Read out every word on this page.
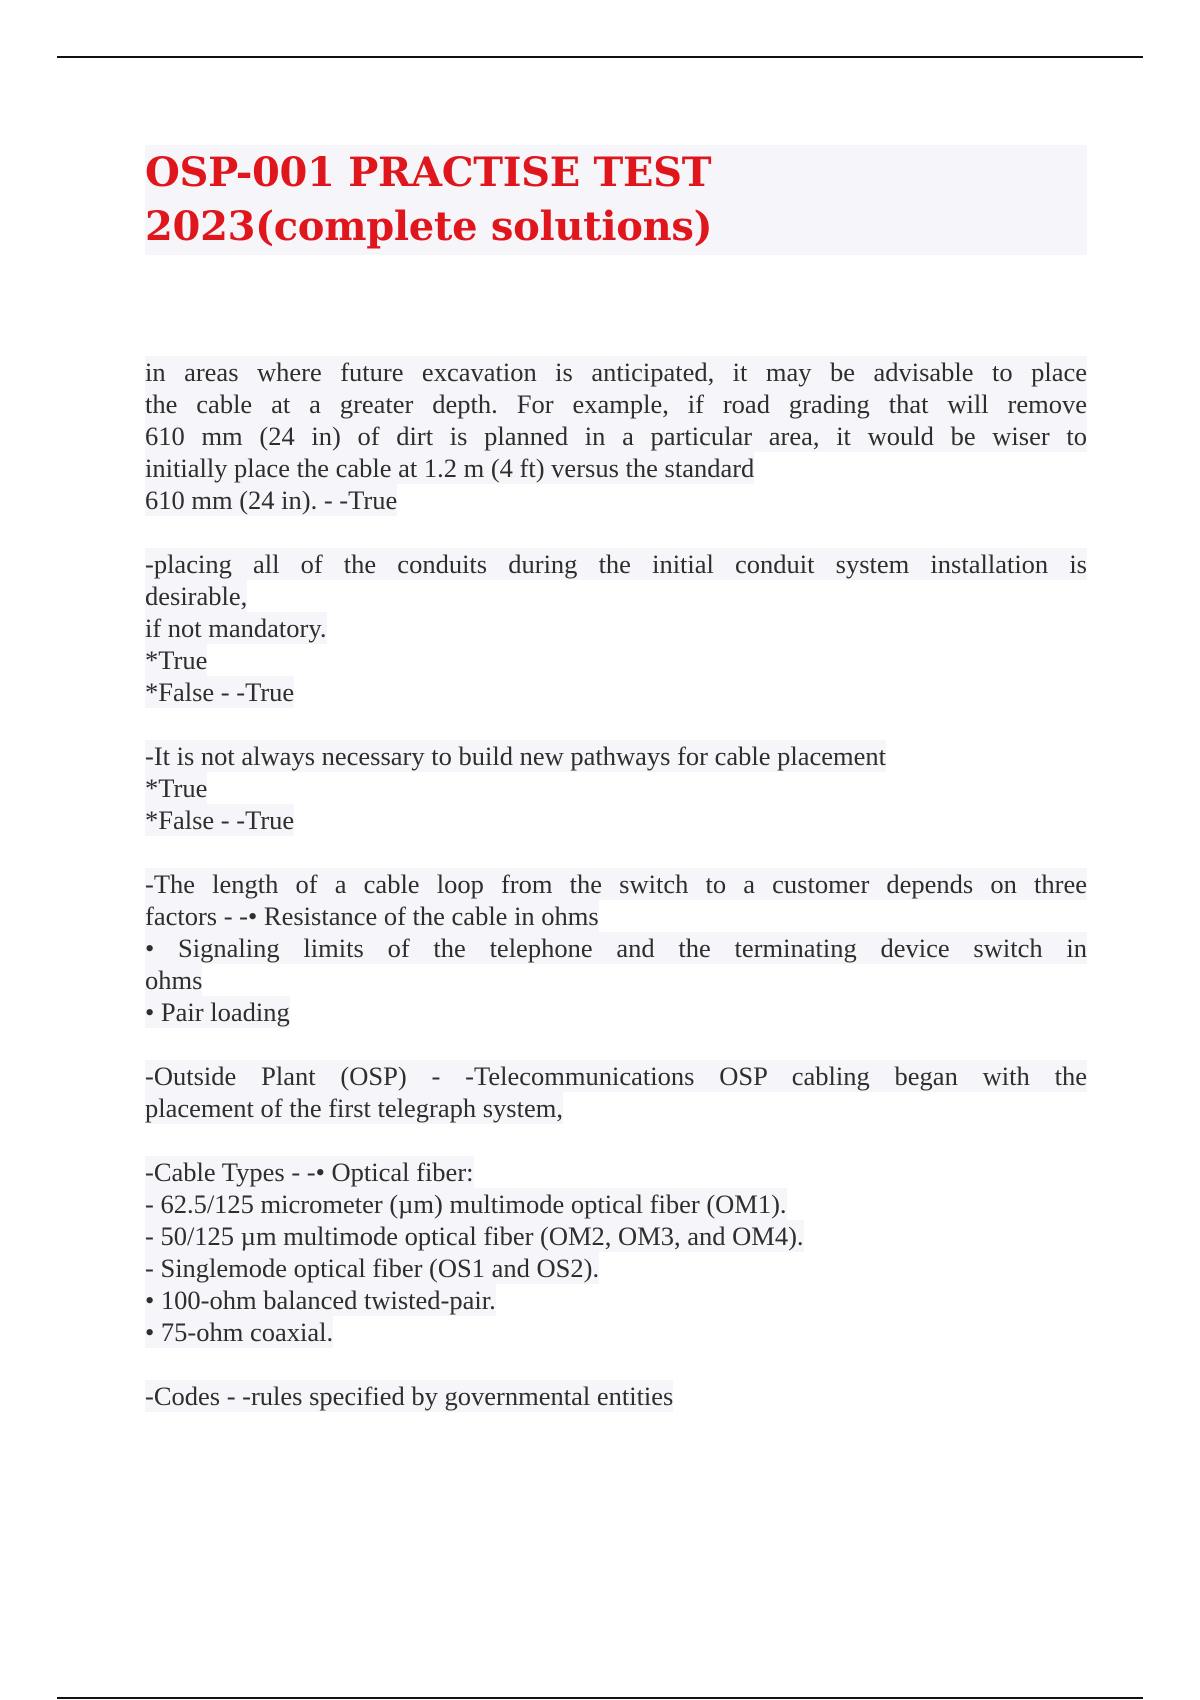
OSP-001 PRACTISE TEST
2023(complete solutions)

in areas where future excavation is anticipated, it may be advisable to place
the cable at a greater depth. For example, if road grading that will remove
610 mm (24 in) of dirt is planned in a particular area, it would be wiser to
initially place the cable at 1.2 m (4 ft) versus the standard
610 mm (24 in). - -True

-placing all of the conduits during the initial conduit system installation is
desirable,
if not mandatory.
*True
*False - -True

-It is not always necessary to build new pathways for cable placement
*True
*False - -True

-The length of a cable loop from the switch to a customer depends on three
factors - -• Resistance of the cable in ohms

• Signaling limits of the telephone and the terminating device switch in
ohms
• Pair loading

-Outside Plant (OSP) - -Telecommunications OSP cabling began with the
placement of the first telegraph system,

-Cable Types - -• Optical fiber:
- 62.5/125 micrometer (µm) multimode optical fiber (OM1).
- 50/125 µm multimode optical fiber (OM2, OM3, and OM4).
- Singlemode optical fiber (OS1 and OS2).
• 100-ohm balanced twisted-pair.
• 75-ohm coaxial.

-Codes - -rules specified by governmental entities
